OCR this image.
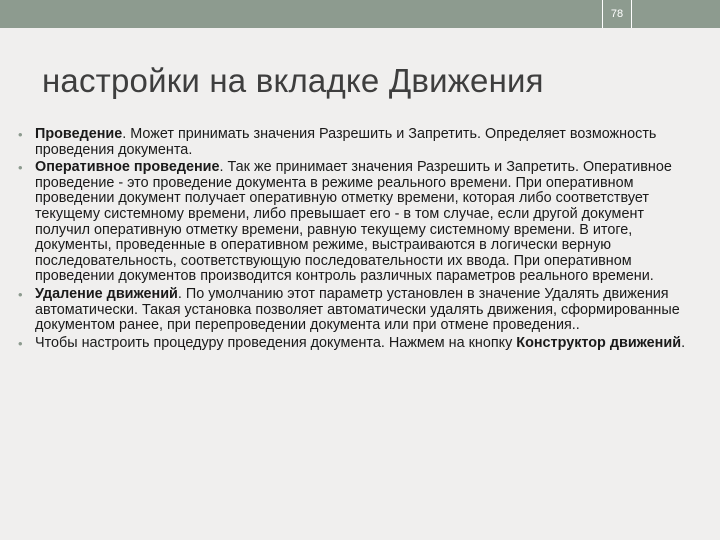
78
настройки на вкладке Движения
• Проведение. Может принимать значения Разрешить и Запретить. Определяет возможность проведения документа.
• Оперативное проведение. Так же принимает значения Разрешить и Запретить. Оперативное проведение - это проведение документа в режиме реального времени. При оперативном проведении документ получает оперативную отметку времени, которая либо соответствует текущему системному времени, либо превышает его - в том случае, если другой документ получил оперативную отметку времени, равную текущему системному времени. В итоге, документы, проведенные в оперативном режиме, выстраиваются в логически верную последовательность, соответствующую последовательности их ввода. При оперативном проведении документов производится контроль различных параметров реального времени.
• Удаление движений. По умолчанию этот параметр установлен в значение Удалять движения автоматически. Такая установка позволяет автоматически удалять движения, сформированные документом ранее, при перепроведении документа или при отмене проведения..
• Чтобы настроить процедуру проведения документа. Нажмем на кнопку Конструктор движений.
